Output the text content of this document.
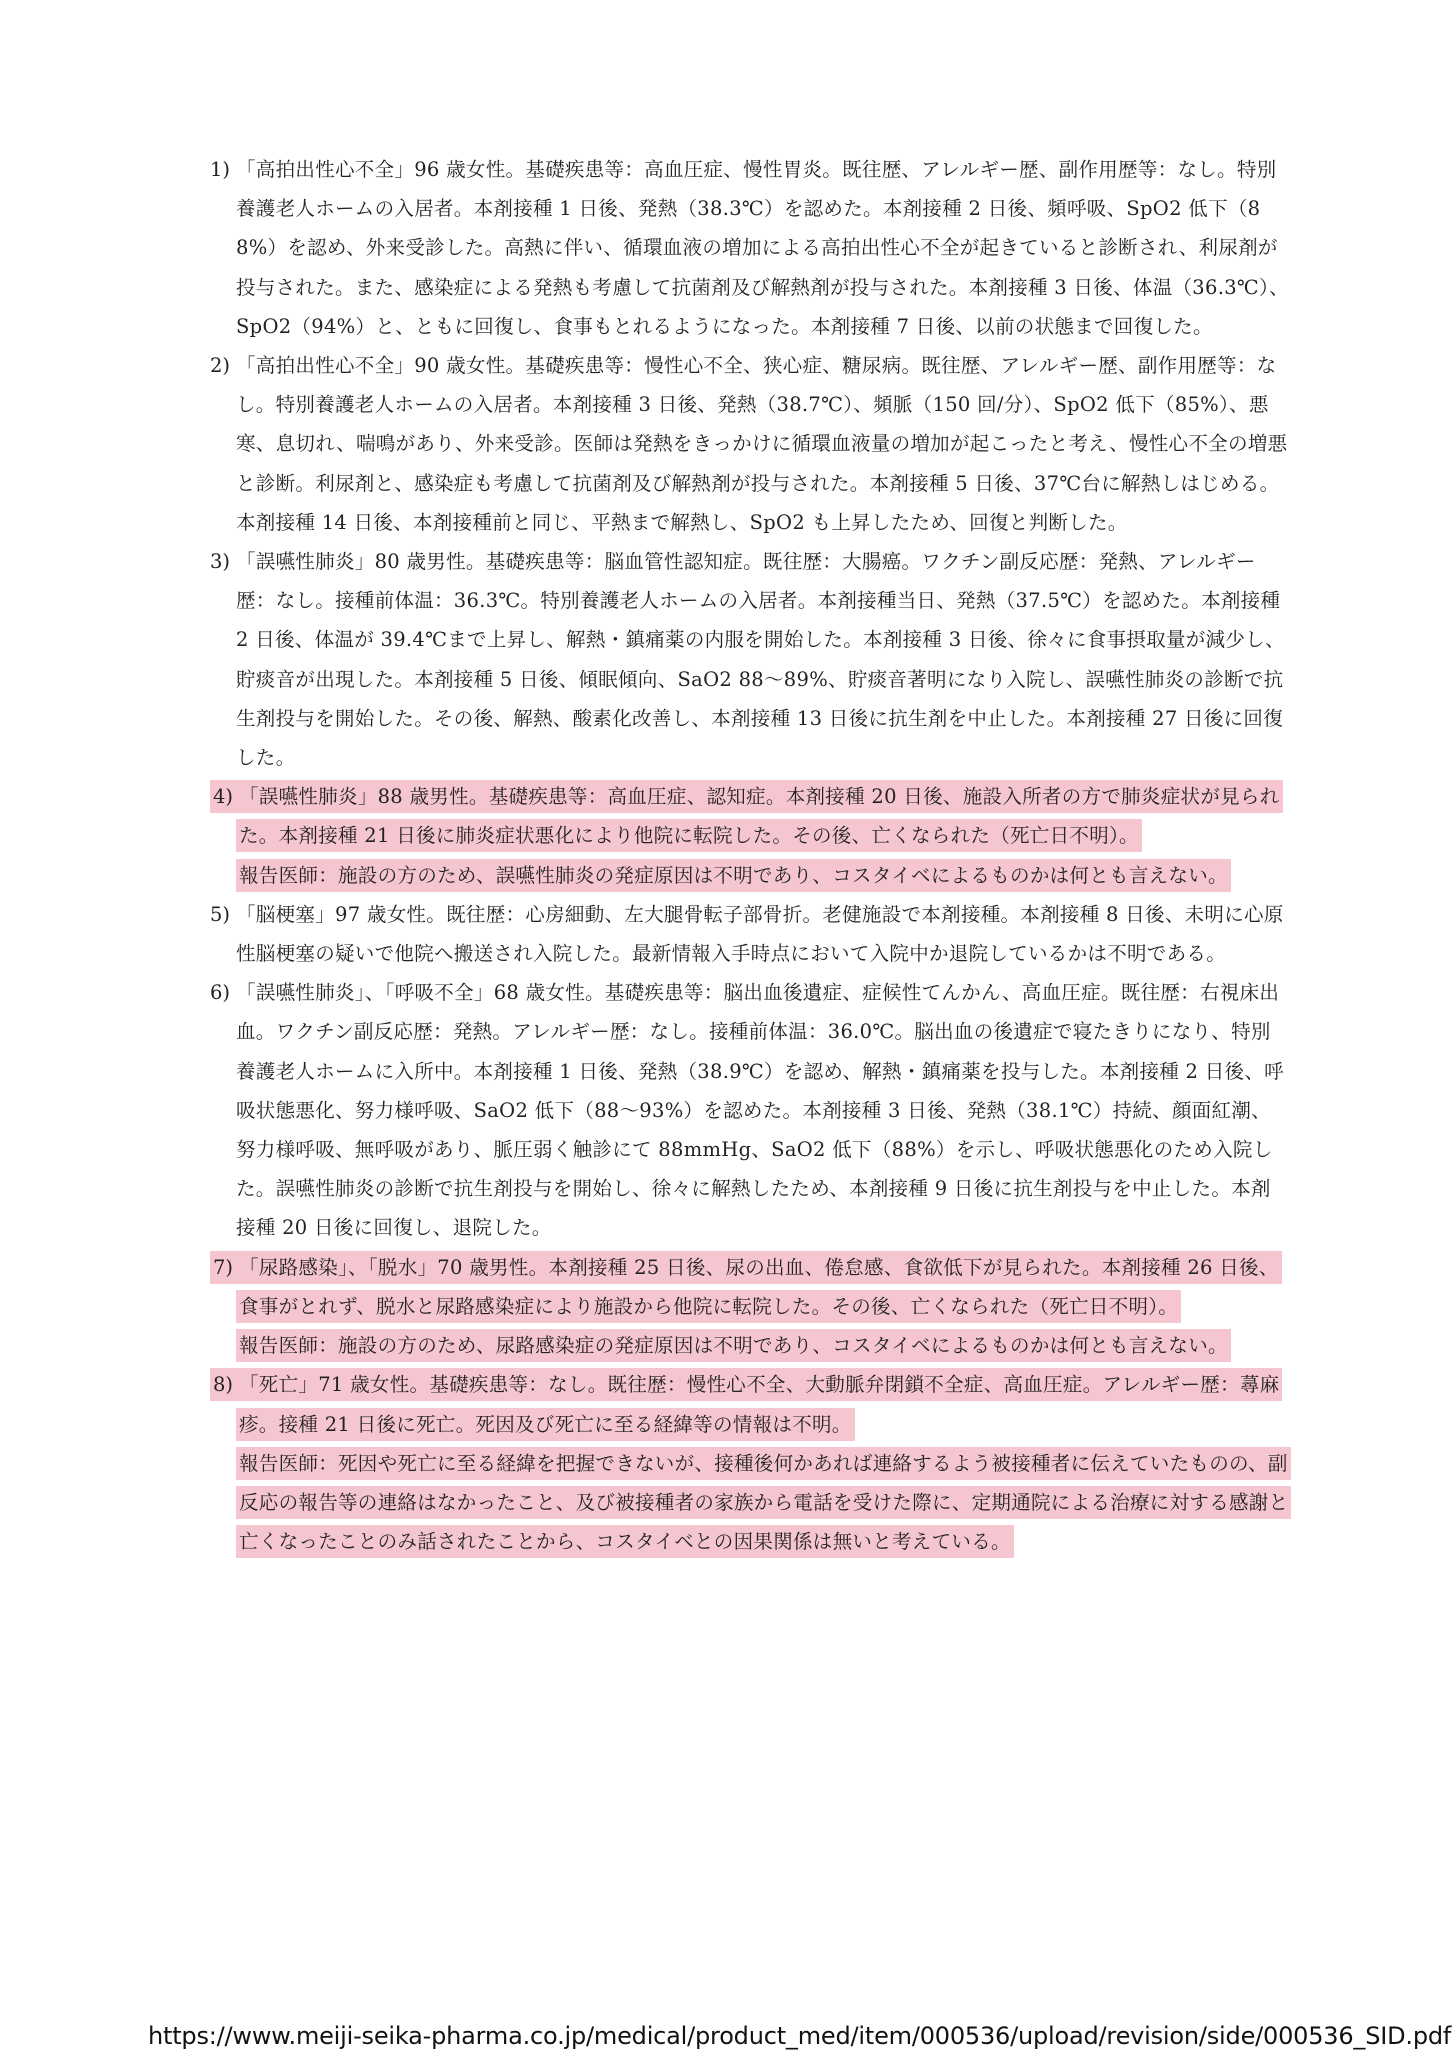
1) 「高拍出性心不全」96 歳女性。基礎疾患等：高血圧症、慢性胃炎。既往歴、アレルギー歴、副作用歴等：なし。特別養護老人ホームの入居者。本剤接種 1 日後、発熱（38.3℃）を認めた。本剤接種 2 日後、頻呼吸、SpO2 低下（88%）を認め、外来受診した。高熱に伴い、循環血液の増加による高拍出性心不全が起きていると診断され、利尿剤が投与された。また、感染症による発熱も考慮して抗菌剤及び解熱剤が投与された。本剤接種 3 日後、体温（36.3℃）、SpO2（94%）と、ともに回復し、食事もとれるようになった。本剤接種 7 日後、以前の状態まで回復した。

2) 「高拍出性心不全」90 歳女性。基礎疾患等：慢性心不全、狭心症、糖尿病。既往歴、アレルギー歴、副作用歴等：なし。特別養護老人ホームの入居者。本剤接種 3 日後、発熱（38.7℃）、頻脈（150 回/分）、SpO2 低下（85%）、悪寒、息切れ、喘鳴があり、外来受診。医師は発熱をきっかけに循環血液量の増加が起こったと考え、慢性心不全の増悪と診断。利尿剤と、感染症も考慮して抗菌剤及び解熱剤が投与された。本剤接種 5 日後、37℃台に解熱しはじめる。本剤接種 14 日後、本剤接種前と同じ、平熱まで解熱し、SpO2 も上昇したため、回復と判断した。

3) 「誤嚥性肺炎」80 歳男性。基礎疾患等：脳血管性認知症。既往歴：大腸癌。ワクチン副反応歴：発熱、アレルギー歴：なし。接種前体温：36.3℃。特別養護老人ホームの入居者。本剤接種当日、発熱（37.5℃）を認めた。本剤接種 2 日後、体温が 39.4℃まで上昇し、解熱・鎮痛薬の内服を開始した。本剤接種 3 日後、徐々に食事摂取量が減少し、貯痰音が出現した。本剤接種 5 日後、傾眠傾向、SaO2 88～89%、貯痰音著明になり入院し、誤嚥性肺炎の診断で抗生剤投与を開始した。その後、解熱、酸素化改善し、本剤接種 13 日後に抗生剤を中止した。本剤接種 27 日後に回復した。

4) 「誤嚥性肺炎」88 歳男性。基礎疾患等：高血圧症、認知症。本剤接種 20 日後、施設入所者の方で肺炎症状が見られた。本剤接種 21 日後に肺炎症状悪化により他院に転院した。その後、亡くなられた（死亡日不明）。

報告医師：施設の方のため、誤嚥性肺炎の発症原因は不明であり、コスタイベによるものかは何とも言えない。

5) 「脳梗塞」97 歳女性。既往歴：心房細動、左大腿骨転子部骨折。老健施設で本剤接種。本剤接種 8 日後、未明に心原性脳梗塞の疑いで他院へ搬送され入院した。最新情報入手時点において入院中か退院しているかは不明である。

6) 「誤嚥性肺炎」、「呼吸不全」68 歳女性。基礎疾患等：脳出血後遺症、症候性てんかん、高血圧症。既往歴：右視床出血。ワクチン副反応歴：発熱。アレルギー歴：なし。接種前体温：36.0℃。脳出血の後遺症で寝たきりになり、特別養護老人ホームに入所中。本剤接種 1 日後、発熱（38.9℃）を認め、解熱・鎮痛薬を投与した。本剤接種 2 日後、呼吸状態悪化、努力様呼吸、SaO2 低下（88～93%）を認めた。本剤接種 3 日後、発熱（38.1℃）持続、顔面紅潮、努力様呼吸、無呼吸があり、脈圧弱く触診にて 88mmHg、SaO2 低下（88%）を示し、呼吸状態悪化のため入院した。誤嚥性肺炎の診断で抗生剤投与を開始し、徐々に解熱したため、本剤接種 9 日後に抗生剤投与を中止した。本剤接種 20 日後に回復し、退院した。

7) 「尿路感染」、「脱水」70 歳男性。本剤接種 25 日後、尿の出血、倦怠感、食欲低下が見られた。本剤接種 26 日後、食事がとれず、脱水と尿路感染症により施設から他院に転院した。その後、亡くなられた（死亡日不明）。

報告医師：施設の方のため、尿路感染症の発症原因は不明であり、コスタイベによるものかは何とも言えない。

8) 「死亡」71 歳女性。基礎疾患等：なし。既往歴：慢性心不全、大動脈弁閉鎖不全症、高血圧症。アレルギー歴：蕁麻疹。接種 21 日後に死亡。死因及び死亡に至る経緯等の情報は不明。

報告医師：死因や死亡に至る経緯を把握できないが、接種後何かあれば連絡するよう被接種者に伝えていたものの、副反応の報告等の連絡はなかったこと、及び被接種者の家族から電話を受けた際に、定期通院による治療に対する感謝と亡くなったことのみ話されたことから、コスタイベとの因果関係は無いと考えている。

https://www.meiji-seika-pharma.co.jp/medical/product_med/item/000536/upload/revision/side/000536_SID.pdf
